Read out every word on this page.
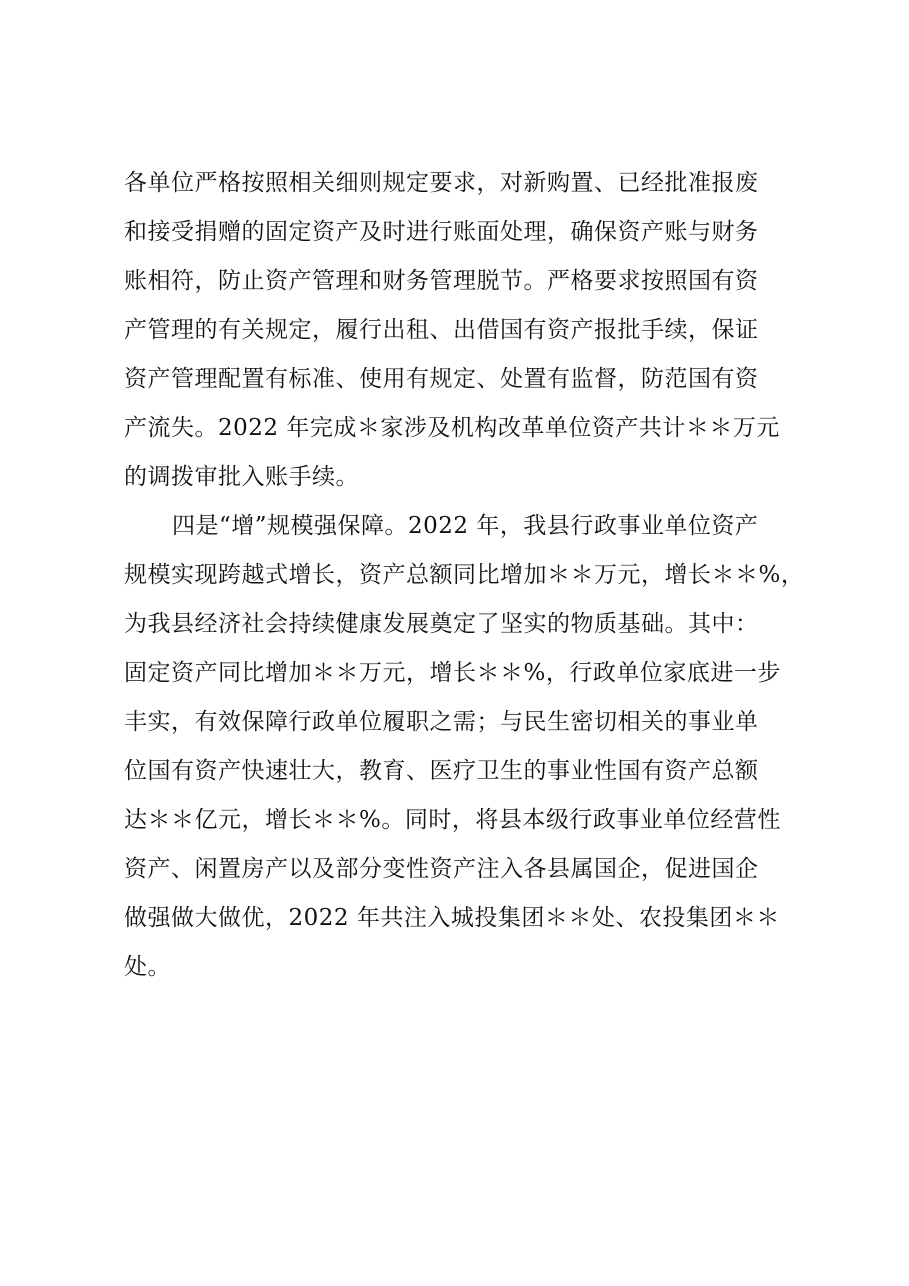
各单位严格按照相关细则规定要求，对新购置、已经批准报废
和接受捐赠的固定资产及时进行账面处理，确保资产账与财务
账相符，防止资产管理和财务管理脱节。严格要求按照国有资
产管理的有关规定，履行出租、出借国有资产报批手续，保证
资产管理配置有标准、使用有规定、处置有监督，防范国有资
产流失。2022 年完成＊家涉及机构改革单位资产共计＊＊万元
的调拨审批入账手续。
四是“增”规模强保障。2022 年，我县行政事业单位资产
规模实现跨越式增长，资产总额同比增加＊＊万元，增长＊＊%，
为我县经济社会持续健康发展奠定了坚实的物质基础。其中：
固定资产同比增加＊＊万元，增长＊＊%，行政单位家底进一步
丰实，有效保障行政单位履职之需；与民生密切相关的事业单
位国有资产快速壮大，教育、医疗卫生的事业性国有资产总额
达＊＊亿元，增长＊＊%。同时，将县本级行政事业单位经营性
资产、闲置房产以及部分变性资产注入各县属国企，促进国企
做强做大做优，2022 年共注入城投集团＊＊处、农投集团＊＊
处。
